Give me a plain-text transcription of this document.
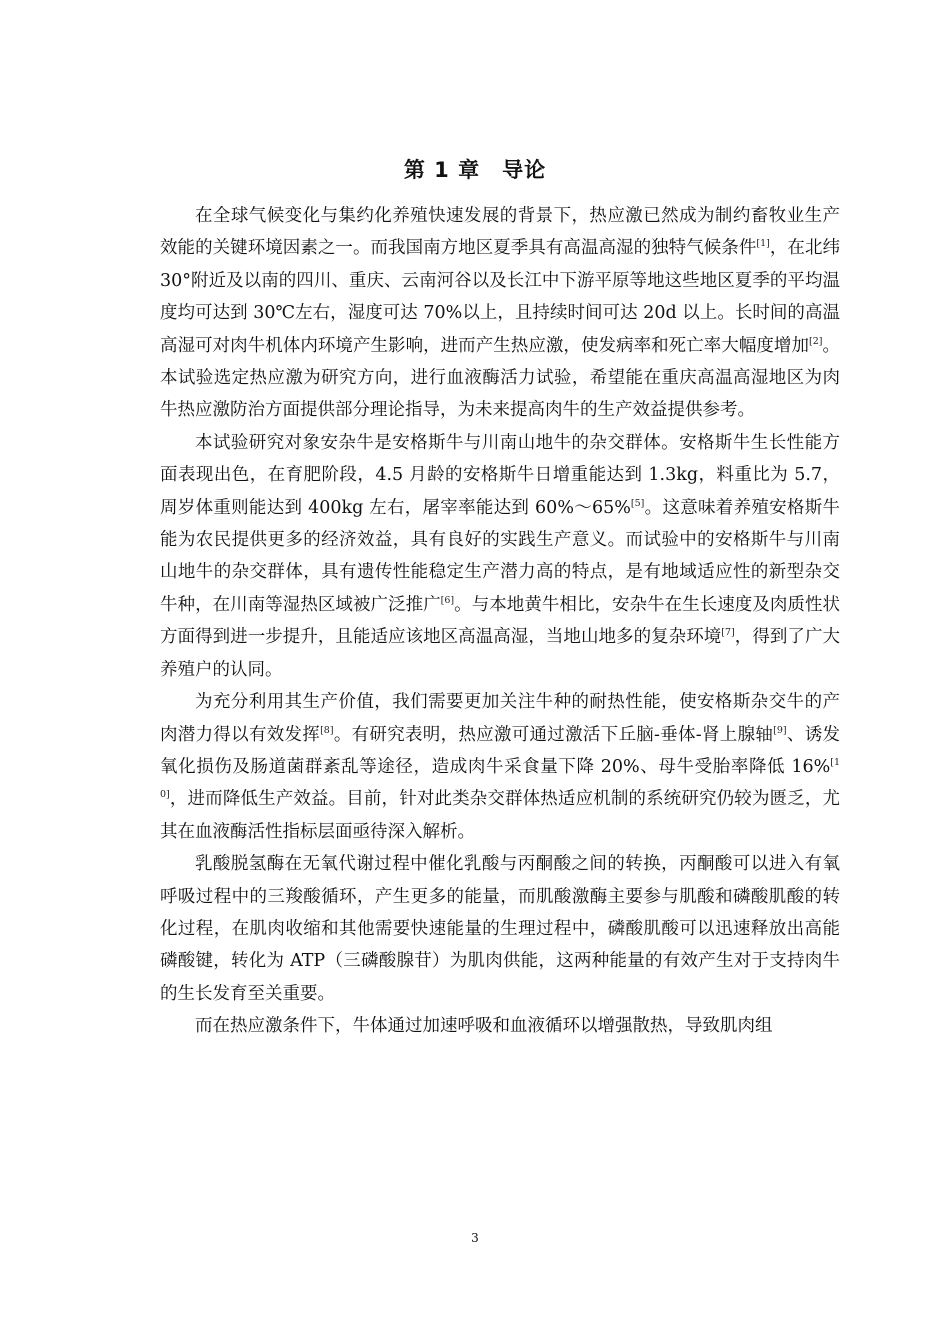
第 1 章　导论

在全球气候变化与集约化养殖快速发展的背景下，热应激已然成为制约畜牧业生产效能的关键环境因素之一。而我国南方地区夏季具有高温高湿的独特气候条件[1]，在北纬 30°附近及以南的四川、重庆、云南河谷以及长江中下游平原等地这些地区夏季的平均温度均可达到 30℃左右，湿度可达 70%以上，且持续时间可达 20d 以上。长时间的高温高湿可对肉牛机体内环境产生影响，进而产生热应激，使发病率和死亡率大幅度增加[2]。本试验选定热应激为研究方向，进行血液酶活力试验，希望能在重庆高温高湿地区为肉牛热应激防治方面提供部分理论指导，为未来提高肉牛的生产效益提供参考。

本试验研究对象安杂牛是安格斯牛与川南山地牛的杂交群体。安格斯牛生长性能方面表现出色，在育肥阶段，4.5 月龄的安格斯牛日增重能达到 1.3kg，料重比为 5.7，周岁体重则能达到 400kg 左右，屠宰率能达到 60%～65%[5]。这意味着养殖安格斯牛能为农民提供更多的经济效益，具有良好的实践生产意义。而试验中的安格斯牛与川南山地牛的杂交群体，具有遗传性能稳定生产潜力高的特点，是有地域适应性的新型杂交牛种，在川南等湿热区域被广泛推广[6]。与本地黄牛相比，安杂牛在生长速度及肉质性状方面得到进一步提升，且能适应该地区高温高湿，当地山地多的复杂环境[7]，得到了广大养殖户的认同。

为充分利用其生产价值，我们需要更加关注牛种的耐热性能，使安格斯杂交牛的产肉潜力得以有效发挥[8]。有研究表明，热应激可通过激活下丘脑-垂体-肾上腺轴[9]、诱发氧化损伤及肠道菌群紊乱等途径，造成肉牛采食量下降 20%、母牛受胎率降低 16%[10]，进而降低生产效益。目前，针对此类杂交群体热适应机制的系统研究仍较为匮乏，尤其在血液酶活性指标层面亟待深入解析。

乳酸脱氢酶在无氧代谢过程中催化乳酸与丙酮酸之间的转换，丙酮酸可以进入有氧呼吸过程中的三羧酸循环，产生更多的能量，而肌酸激酶主要参与肌酸和磷酸肌酸的转化过程，在肌肉收缩和其他需要快速能量的生理过程中，磷酸肌酸可以迅速释放出高能磷酸键，转化为 ATP（三磷酸腺苷）为肌肉供能，这两种能量的有效产生对于支持肉牛的生长发育至关重要。

而在热应激条件下，牛体通过加速呼吸和血液循环以增强散热，导致肌肉组

3
